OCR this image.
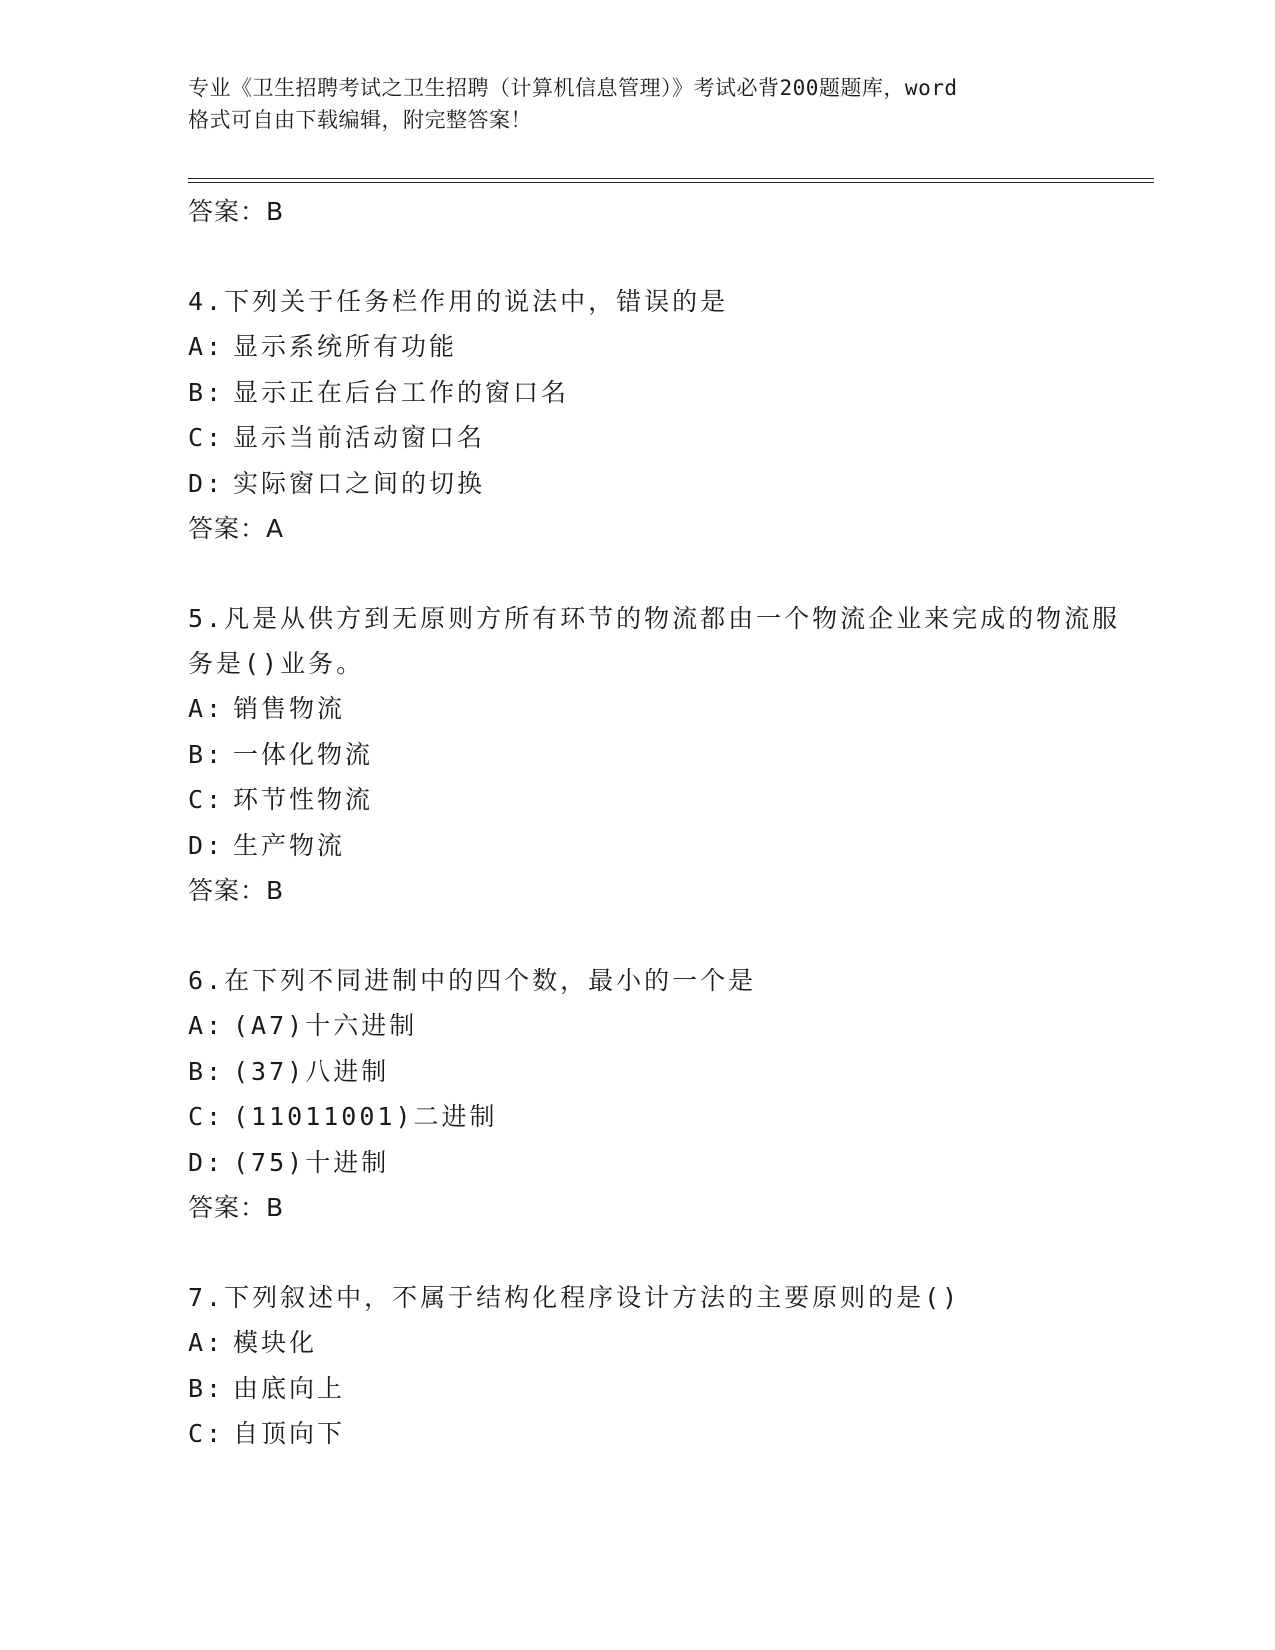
专业《卫生招聘考试之卫生招聘（计算机信息管理）》考试必背200题题库，word
格式可自由下载编辑，附完整答案！
答案：B
4.下列关于任务栏作用的说法中，错误的是
A: 显示系统所有功能
B: 显示正在后台工作的窗口名
C: 显示当前活动窗口名
D: 实际窗口之间的切换
答案：A
5.凡是从供方到无原则方所有环节的物流都由一个物流企业来完成的物流服务是()业务。
A: 销售物流
B: 一体化物流
C: 环节性物流
D: 生产物流
答案：B
6.在下列不同进制中的四个数，最小的一个是
A: (A7)十六进制
B: (37)八进制
C: (11011001)二进制
D: (75)十进制
答案：B
7.下列叙述中，不属于结构化程序设计方法的主要原则的是()
A: 模块化
B: 由底向上
C: 自顶向下
